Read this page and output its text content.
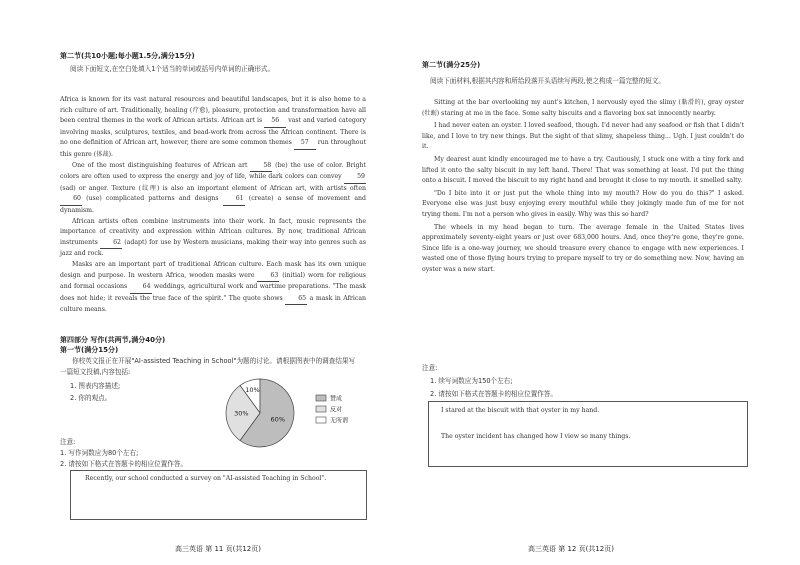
第二节(共10小题;每小题1.5分,满分15分)
阅读下面短文,在空白处填入1个适当的单词或括号内单词的正确形式。

Africa is known for its vast natural resources and beautiful landscapes, but it is also home to a rich culture of art. Traditionally, healing (疗愈), pleasure, protection and transformation have all been central themes in the work of African artists. African art is 56 vast and varied category involving masks, sculptures, textiles, and bead-work from across the African continent. There is no one definition of African art, however, there are some common themes 57 run throughout this genre (体裁).

One of the most distinguishing features of African art 58 (be) the use of color. Bright colors are often used to express the energy and joy of life, while dark colors can convey 59 (sad) or anger. Texture (纹理) is also an important element of African art, with artists often 60 (use) complicated patterns and designs 61 (create) a sense of movement and dynamism.

African artists often combine instruments into their work. In fact, music represents the importance of creativity and expression within African cultures. By now, traditional African instruments 62 (adapt) for use by Western musicians, making their way into genres such as jazz and rock.

Masks are an important part of traditional African culture. Each mask has its own unique design and purpose. In western Africa, wooden masks were 63 (initial) worn for religious and formal occasions 64 weddings, agricultural work and wartime preparations. "The mask does not hide; it reveals the true face of the spirit." The quote shows 65 a mask in African culture means.

第四部分 写作(共两节,满分40分)
第一节(满分15分)
你校英文报正在开展"AI-assisted Teaching in School"为题的讨论。请根据图表中的调查结果写一篇短文投稿,内容包括:
1. 图表内容描述;
2. 你的观点。
10%
60%
30%
赞成
反对
无所谓
注意:
1. 写作词数应为80个左右;
2. 请按如下格式在答题卡的相应位置作答。
Recently, our school conducted a survey on "AI-assisted Teaching in School".
高三英语 第 11 页(共12页)
第二节(满分25分)
阅读下面材料,根据其内容和所给段落开头语续写两段,使之构成一篇完整的短文。

Sitting at the bar overlooking my aunt's kitchen, I nervously eyed the slimy (黏滑的), gray oyster (牡蛎) staring at me in the face. Some salty biscuits and a flavoring box sat innocently nearby.

I had never eaten an oyster. I loved seafood, though. I'd never had any seafood or fish that I didn't like, and I love to try new things. But the sight of that slimy, shapeless thing... Ugh. I just couldn't do it.

My dearest aunt kindly encouraged me to have a try. Cautiously, I stuck one with a tiny fork and lifted it onto the salty biscuit in my left hand. There! That was something at least. I'd put the thing onto a biscuit. I moved the biscuit to my right hand and brought it close to my mouth. it smelled salty.

"Do I bite into it or just put the whole thing into my mouth? How do you do this?" I asked. Everyone else was just busy enjoying every mouthful while they jokingly made fun of me for not trying them. I'm not a person who gives in easily. Why was this so hard?

The wheels in my head began to turn. The average female in the United States lives approximately seventy-eight years or just over 683,000 hours. And, once they're gone, they're gone. Since life is a one-way journey, we should treasure every chance to engage with new experiences. I wasted one of those flying hours trying to prepare myself to try or do something new. Now, having an oyster was a new start.

注意:
1. 续写词数应为150个左右;
2. 请按如下格式在答题卡的相应位置作答。
I stared at the biscuit with that oyster in my hand.
The oyster incident has changed how I view so many things.
高三英语 第 12 页(共12页)
